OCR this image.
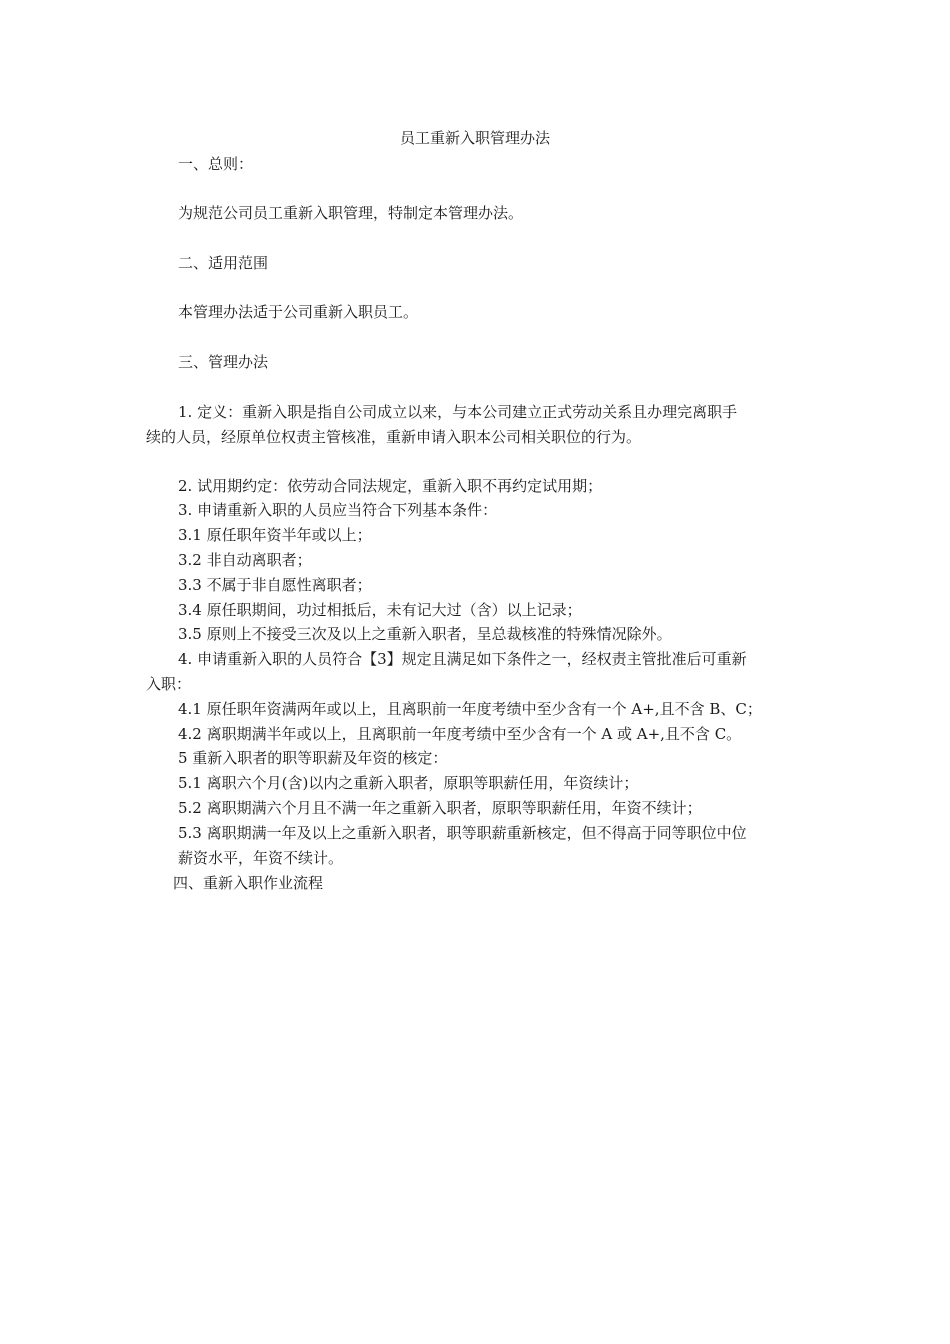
员工重新入职管理办法
一、总则：
为规范公司员工重新入职管理，特制定本管理办法。
二、适用范围
本管理办法适于公司重新入职员工。
三、管理办法
1. 定义：重新入职是指自公司成立以来，与本公司建立正式劳动关系且办理完离职手
续的人员，经原单位权责主管核准，重新申请入职本公司相关职位的行为。
2. 试用期约定：依劳动合同法规定，重新入职不再约定试用期；
3. 申请重新入职的人员应当符合下列基本条件：
3.1 原任职年资半年或以上；
3.2 非自动离职者；
3.3 不属于非自愿性离职者；
3.4 原任职期间，功过相抵后，未有记大过（含）以上记录；
3.5 原则上不接受三次及以上之重新入职者，呈总裁核准的特殊情况除外。
4. 申请重新入职的人员符合【3】规定且满足如下条件之一，经权责主管批准后可重新
入职：
4.1 原任职年资满两年或以上，且离职前一年度考绩中至少含有一个 A+,且不含 B、C；
4.2 离职期满半年或以上，且离职前一年度考绩中至少含有一个 A 或 A+,且不含 C。
5 重新入职者的职等职薪及年资的核定：
5.1 离职六个月(含)以内之重新入职者，原职等职薪任用，年资续计；
5.2 离职期满六个月且不满一年之重新入职者，原职等职薪任用，年资不续计；
5.3 离职期满一年及以上之重新入职者，职等职薪重新核定，但不得高于同等职位中位
薪资水平，年资不续计。
四、重新入职作业流程
